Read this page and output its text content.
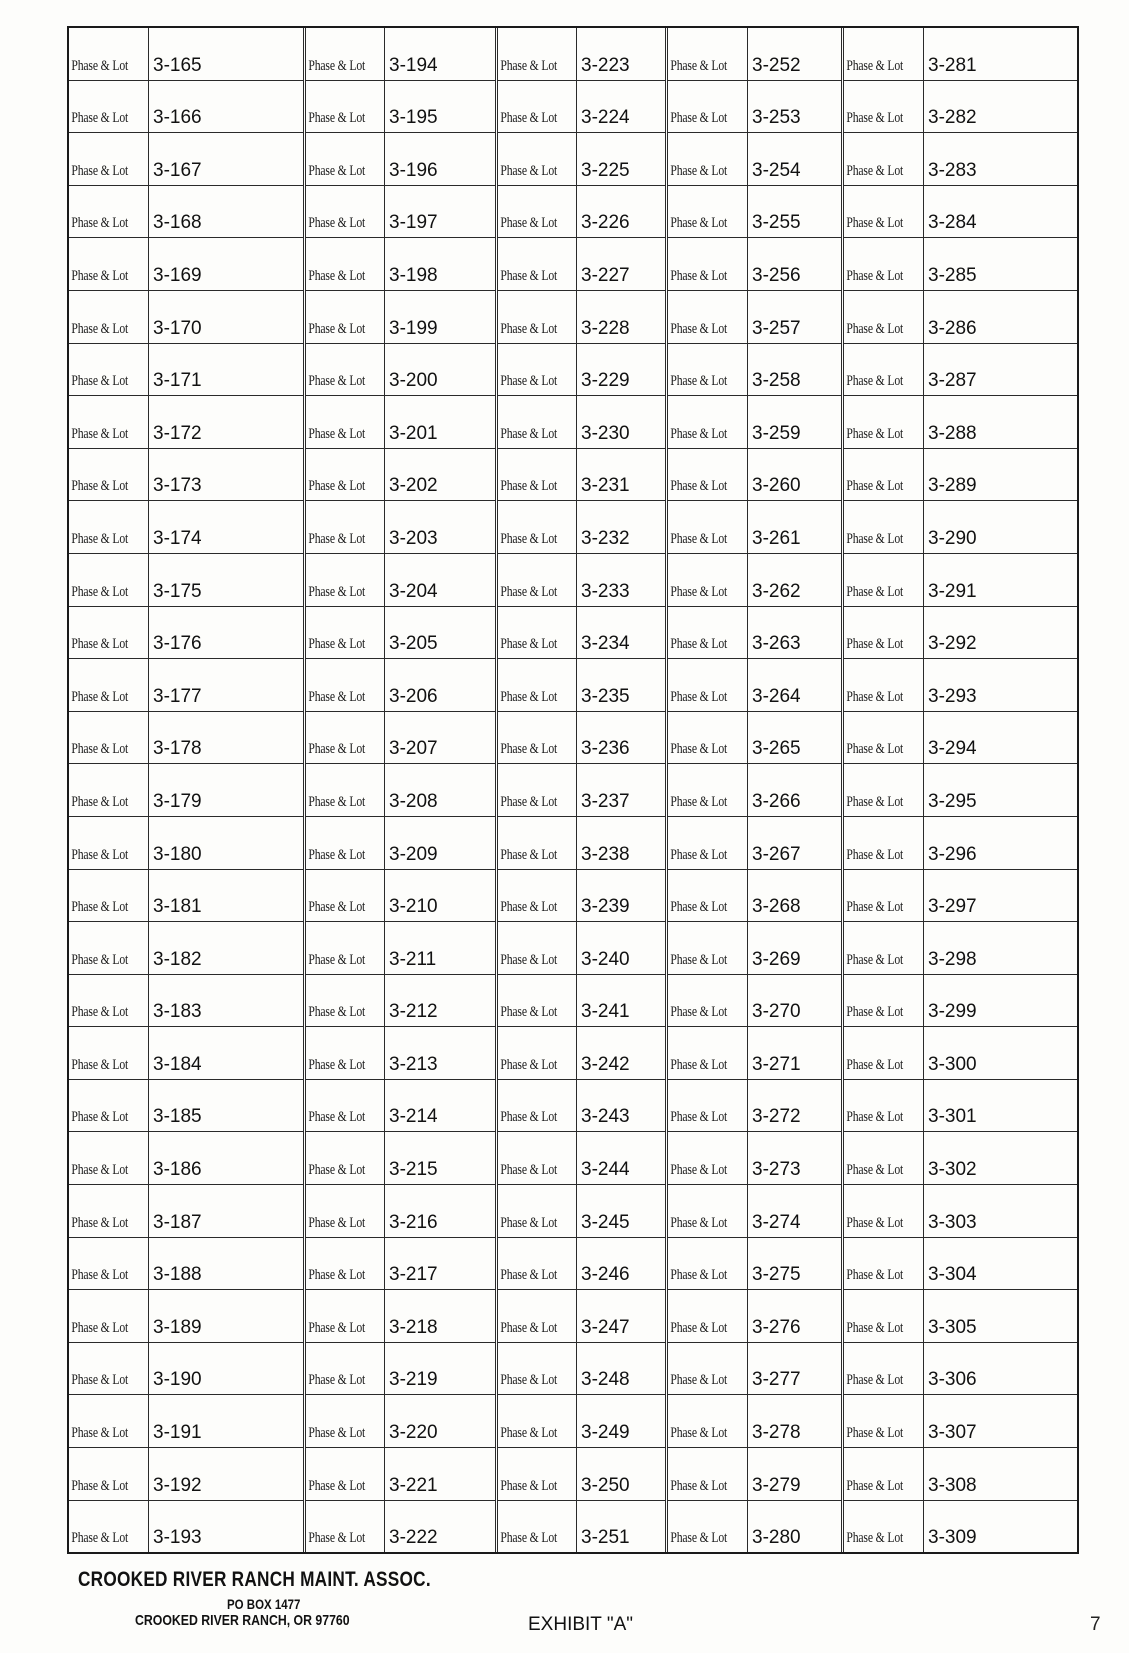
Phase & Lot 3-165
Phase & Lot 3-166
Phase & Lot 3-167
Phase & Lot 3-168
Phase & Lot 3-169
Phase & Lot 3-170
Phase & Lot 3-171
Phase & Lot 3-172
Phase & Lot 3-173
Phase & Lot 3-174
Phase & Lot 3-175
Phase & Lot 3-176
Phase & Lot 3-177
Phase & Lot 3-178
Phase & Lot 3-179
Phase & Lot 3-180
Phase & Lot 3-181
Phase & Lot 3-182
Phase & Lot 3-183
Phase & Lot 3-184
Phase & Lot 3-185
Phase & Lot 3-186
Phase & Lot 3-187
Phase & Lot 3-188
Phase & Lot 3-189
Phase & Lot 3-190
Phase & Lot 3-191
Phase & Lot 3-192
Phase & Lot 3-193
Phase & Lot 3-194
Phase & Lot 3-195
Phase & Lot 3-196
Phase & Lot 3-197
Phase & Lot 3-198
Phase & Lot 3-199
Phase & Lot 3-200
Phase & Lot 3-201
Phase & Lot 3-202
Phase & Lot 3-203
Phase & Lot 3-204
Phase & Lot 3-205
Phase & Lot 3-206
Phase & Lot 3-207
Phase & Lot 3-208
Phase & Lot 3-209
Phase & Lot 3-210
Phase & Lot 3-211
Phase & Lot 3-212
Phase & Lot 3-213
Phase & Lot 3-214
Phase & Lot 3-215
Phase & Lot 3-216
Phase & Lot 3-217
Phase & Lot 3-218
Phase & Lot 3-219
Phase & Lot 3-220
Phase & Lot 3-221
Phase & Lot 3-222
Phase & Lot 3-223
Phase & Lot 3-224
Phase & Lot 3-225
Phase & Lot 3-226
Phase & Lot 3-227
Phase & Lot 3-228
Phase & Lot 3-229
Phase & Lot 3-230
Phase & Lot 3-231
Phase & Lot 3-232
Phase & Lot 3-233
Phase & Lot 3-234
Phase & Lot 3-235
Phase & Lot 3-236
Phase & Lot 3-237
Phase & Lot 3-238
Phase & Lot 3-239
Phase & Lot 3-240
Phase & Lot 3-241
Phase & Lot 3-242
Phase & Lot 3-243
Phase & Lot 3-244
Phase & Lot 3-245
Phase & Lot 3-246
Phase & Lot 3-247
Phase & Lot 3-248
Phase & Lot 3-249
Phase & Lot 3-250
Phase & Lot 3-251
Phase & Lot 3-252
Phase & Lot 3-253
Phase & Lot 3-254
Phase & Lot 3-255
Phase & Lot 3-256
Phase & Lot 3-257
Phase & Lot 3-258
Phase & Lot 3-259
Phase & Lot 3-260
Phase & Lot 3-261
Phase & Lot 3-262
Phase & Lot 3-263
Phase & Lot 3-264
Phase & Lot 3-265
Phase & Lot 3-266
Phase & Lot 3-267
Phase & Lot 3-268
Phase & Lot 3-269
Phase & Lot 3-270
Phase & Lot 3-271
Phase & Lot 3-272
Phase & Lot 3-273
Phase & Lot 3-274
Phase & Lot 3-275
Phase & Lot 3-276
Phase & Lot 3-277
Phase & Lot 3-278
Phase & Lot 3-279
Phase & Lot 3-280
Phase & Lot 3-281
Phase & Lot 3-282
Phase & Lot 3-283
Phase & Lot 3-284
Phase & Lot 3-285
Phase & Lot 3-286
Phase & Lot 3-287
Phase & Lot 3-288
Phase & Lot 3-289
Phase & Lot 3-290
Phase & Lot 3-291
Phase & Lot 3-292
Phase & Lot 3-293
Phase & Lot 3-294
Phase & Lot 3-295
Phase & Lot 3-296
Phase & Lot 3-297
Phase & Lot 3-298
Phase & Lot 3-299
Phase & Lot 3-300
Phase & Lot 3-301
Phase & Lot 3-302
Phase & Lot 3-303
Phase & Lot 3-304
Phase & Lot 3-305
Phase & Lot 3-306
Phase & Lot 3-307
Phase & Lot 3-308
Phase & Lot 3-309
CROOKED RIVER RANCH MAINT. ASSOC.
PO BOX 1477
CROOKED RIVER RANCH, OR 97760	EXHIBIT "A"	7
